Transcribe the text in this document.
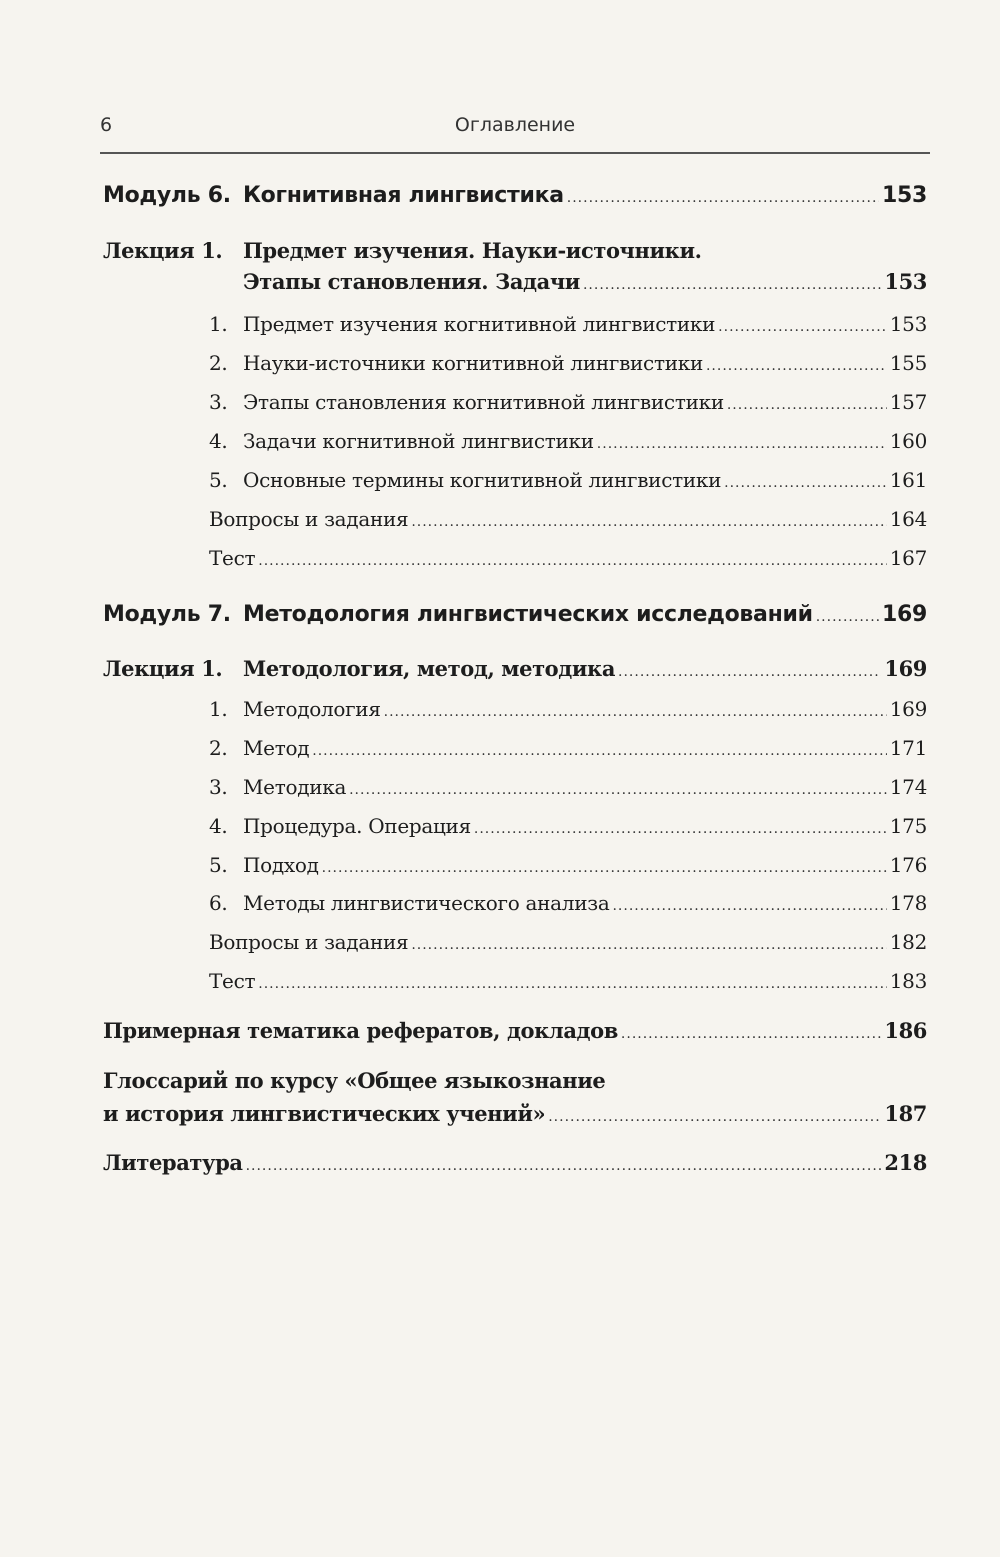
6	Оглавление
Модуль 6. Когнитивная лингвистика .....	153
Лекция 1. Предмет изучения. Науки-источники.
Этапы становления. Задачи .....	153
1. Предмет изучения когнитивной лингвистики .....	153
2. Науки-источники когнитивной лингвистики .....	155
3. Этапы становления когнитивной лингвистики .....	157
4. Задачи когнитивной лингвистики .....	160
5. Основные термины когнитивной лингвистики .....	161
Вопросы и задания .....	164
Тест .....	167
Модуль 7. Методология лингвистических исследований .....	169
Лекция 1. Методология, метод, методика .....	169
1. Методология .....	169
2. Метод .....	171
3. Методика .....	174
4. Процедура. Операция .....	175
5. Подход .....	176
6. Методы лингвистического анализа .....	178
Вопросы и задания .....	182
Тест .....	183
Примерная тематика рефератов, докладов .....	186
Глоссарий по курсу «Общее языкознание
и история лингвистических учений» .....	187
Литература .....	218
